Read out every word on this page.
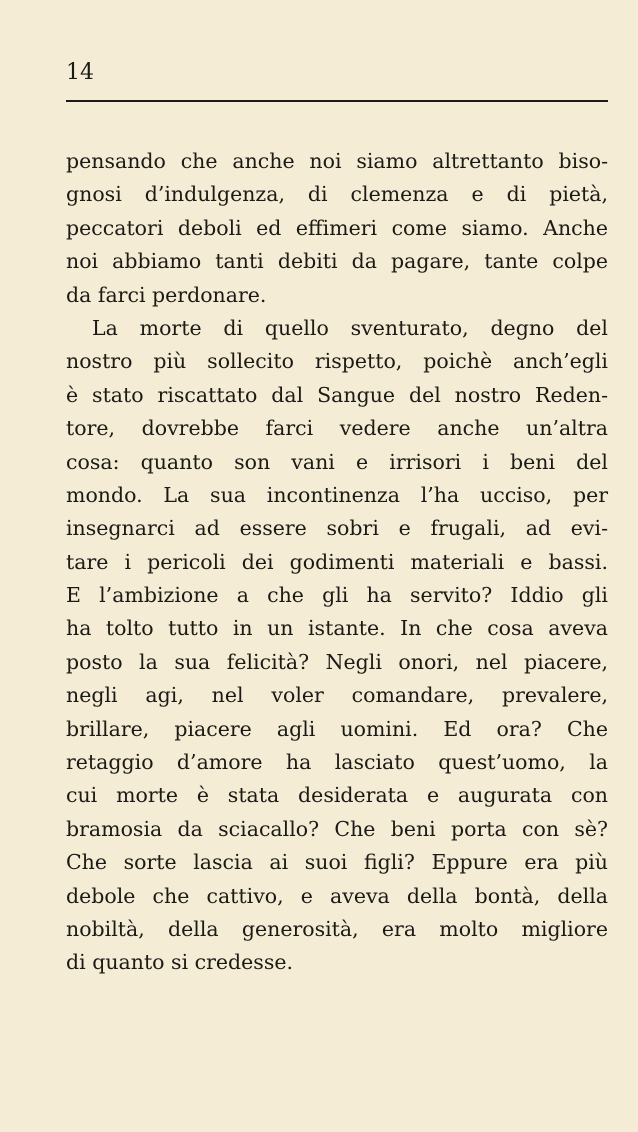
14
pensando che anche noi siamo altrettanto biso-
gnosi d’indulgenza, di clemenza e di pietà,
peccatori deboli ed effimeri come siamo. Anche
noi abbiamo tanti debiti da pagare, tante colpe
da farci perdonare.
La morte di quello sventurato, degno del
nostro più sollecito rispetto, poichè anch’egli
è stato riscattato dal Sangue del nostro Reden-
tore, dovrebbe farci vedere anche un’altra
cosa: quanto son vani e irrisori i beni del
mondo. La sua incontinenza l’ha ucciso, per
insegnarci ad essere sobri e frugali, ad evi-
tare i pericoli dei godimenti materiali e bassi.
E l’ambizione a che gli ha servito? Iddio gli
ha tolto tutto in un istante. In che cosa aveva
posto la sua felicità? Negli onori, nel piacere,
negli agi, nel voler comandare, prevalere,
brillare, piacere agli uomini. Ed ora? Che
retaggio d’amore ha lasciato quest’uomo, la
cui morte è stata desiderata e augurata con
bramosia da sciacallo? Che beni porta con sè?
Che sorte lascia ai suoi figli? Eppure era più
debole che cattivo, e aveva della bontà, della
nobiltà, della generosità, era molto migliore
di quanto si credesse.
